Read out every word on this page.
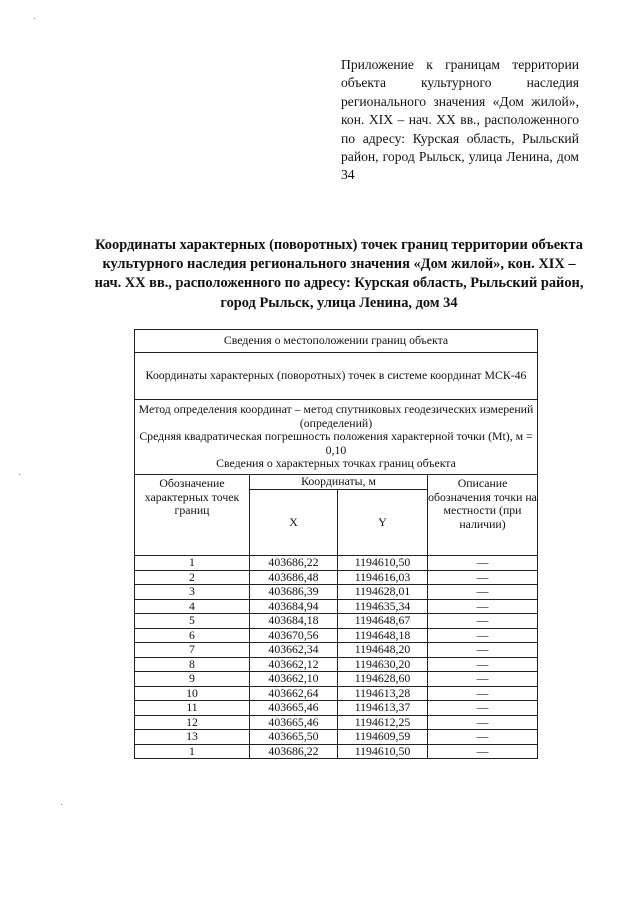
Приложение к границам территории объекта культурного наследия регионального значения «Дом жилой», кон. XIX – нач. XX вв., расположенного по адресу: Курская область, Рыльский район, город Рыльск, улица Ленина, дом 34
Координаты характерных (поворотных) точек границ территории объекта культурного наследия регионального значения «Дом жилой», кон. XIX – нач. XX вв., расположенного по адресу: Курская область, Рыльский район, город Рыльск, улица Ленина, дом 34
Сведения о местоположении границ объекта			
Координаты характерных (поворотных) точек в системе координат МСК-46			

Метод определения координат – метод спутниковых геодезических измерений (определений)
Средняя квадратическая погрешность положения характерной точки (Mt), м = 0,10
Сведения о характерных точках границ объекта			

Обозначение характерных точек границ	Координаты, м		Описание обозначения точки на местности (при наличии)
	X	Y	
1	403686,22	1194610,50	—
2	403686,48	1194616,03	—
3	403686,39	1194628,01	—
4	403684,94	1194635,34	—
5	403684,18	1194648,67	—
6	403670,56	1194648,18	—
7	403662,34	1194648,20	—
8	403662,12	1194630,20	—
9	403662,10	1194628,60	—
10	403662,64	1194613,28	—
11	403665,46	1194613,37	—
12	403665,46	1194612,25	—
13	403665,50	1194609,59	—
1	403686,22	1194610,50	—
·
·
·
